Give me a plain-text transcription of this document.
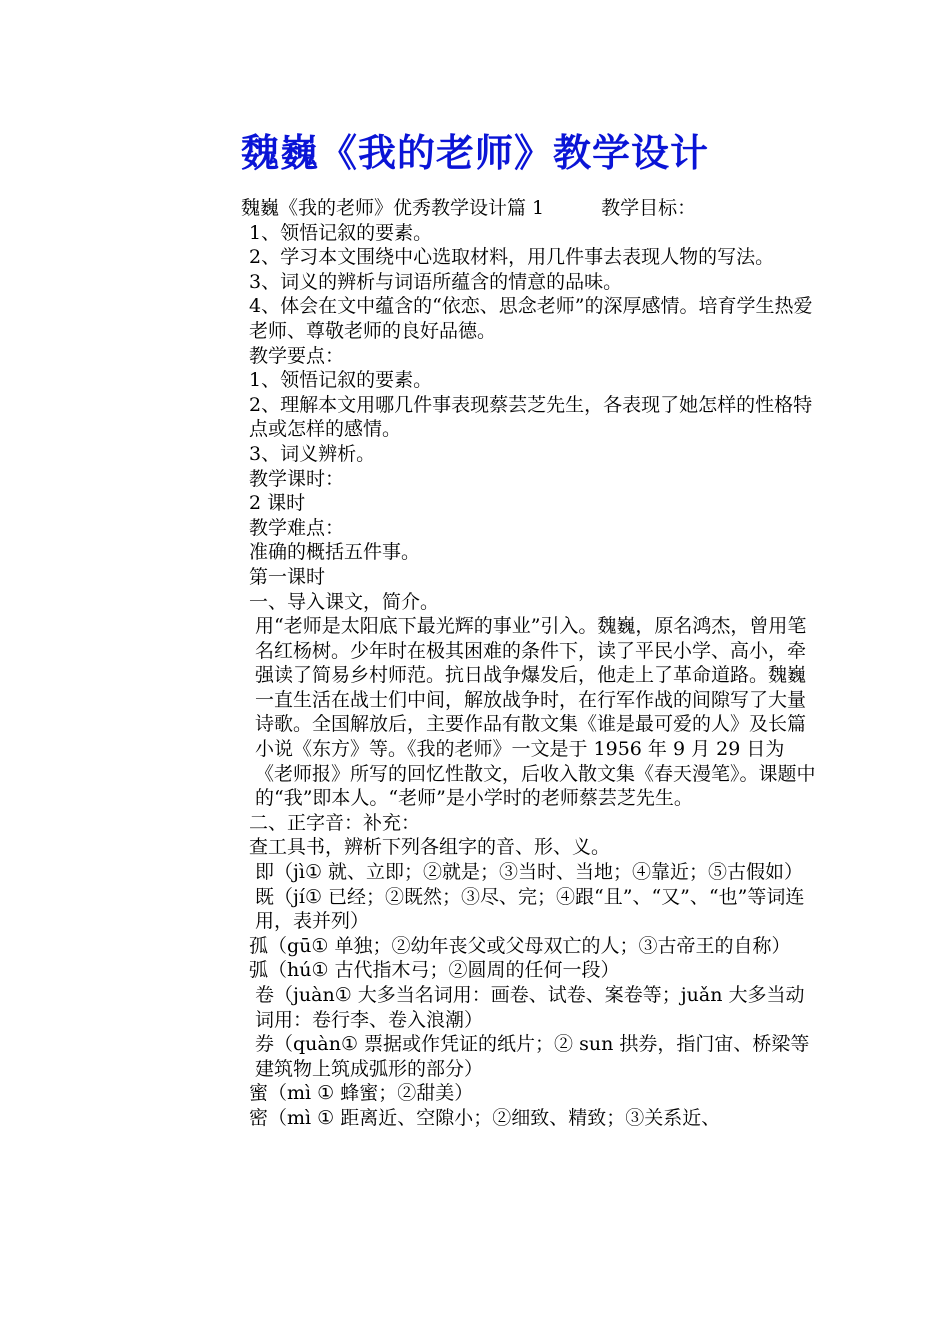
魏巍《我的老师》教学设计

魏巍《我的老师》优秀教学设计篇 1　　　教学目标：

1、领悟记叙的要素。

2、学习本文围绕中心选取材料，用几件事去表现人物的写法。

3、词义的辨析与词语所蕴含的情意的品味。

4、体会在文中蕴含的“依恋、思念老师”的深厚感情。培育学生热爱老师、尊敬老师的良好品德。

教学要点：

1、领悟记叙的要素。

2、理解本文用哪几件事表现蔡芸芝先生，各表现了她怎样的性格特点或怎样的感情。

3、词义辨析。

教学课时：

2 课时

教学难点：

准确的概括五件事。

第一课时

一、导入课文，简介。

用“老师是太阳底下最光辉的事业”引入。魏巍，原名鸿杰，曾用笔名红杨树。少年时在极其困难的条件下，读了平民小学、高小，牵强读了简易乡村师范。抗日战争爆发后，他走上了革命道路。魏巍一直生活在战士们中间，解放战争时，在行军作战的间隙写了大量诗歌。全国解放后，主要作品有散文集《谁是最可爱的人》及长篇小说《东方》等。《我的老师》一文是于 1956 年 9 月 29 日为《老师报》所写的回忆性散文，后收入散文集《春天漫笔》。课题中的“我”即本人。“老师”是小学时的老师蔡芸芝先生。

二、正字音：补充：

查工具书，辨析下列各组字的音、形、义。

即（jì① 就、立即；②就是；③当时、当地；④靠近；⑤古假如）

既（jí① 已经；②既然；③尽、完；④跟“且”、“又”、“也”等词连用，表并列）

孤（gū① 单独；②幼年丧父或父母双亡的人；③古帝王的自称）

弧（hú① 古代指木弓；②圆周的任何一段）

卷（juàn① 大多当名词用：画卷、试卷、案卷等；juǎn 大多当动词用：卷行李、卷入浪潮）

券（quàn① 票据或作凭证的纸片；② sun 拱券，指门宙、桥梁等建筑物上筑成弧形的部分）

蜜（mì ① 蜂蜜；②甜美）

密（mì ① 距离近、空隙小；②细致、精致；③关系近、
